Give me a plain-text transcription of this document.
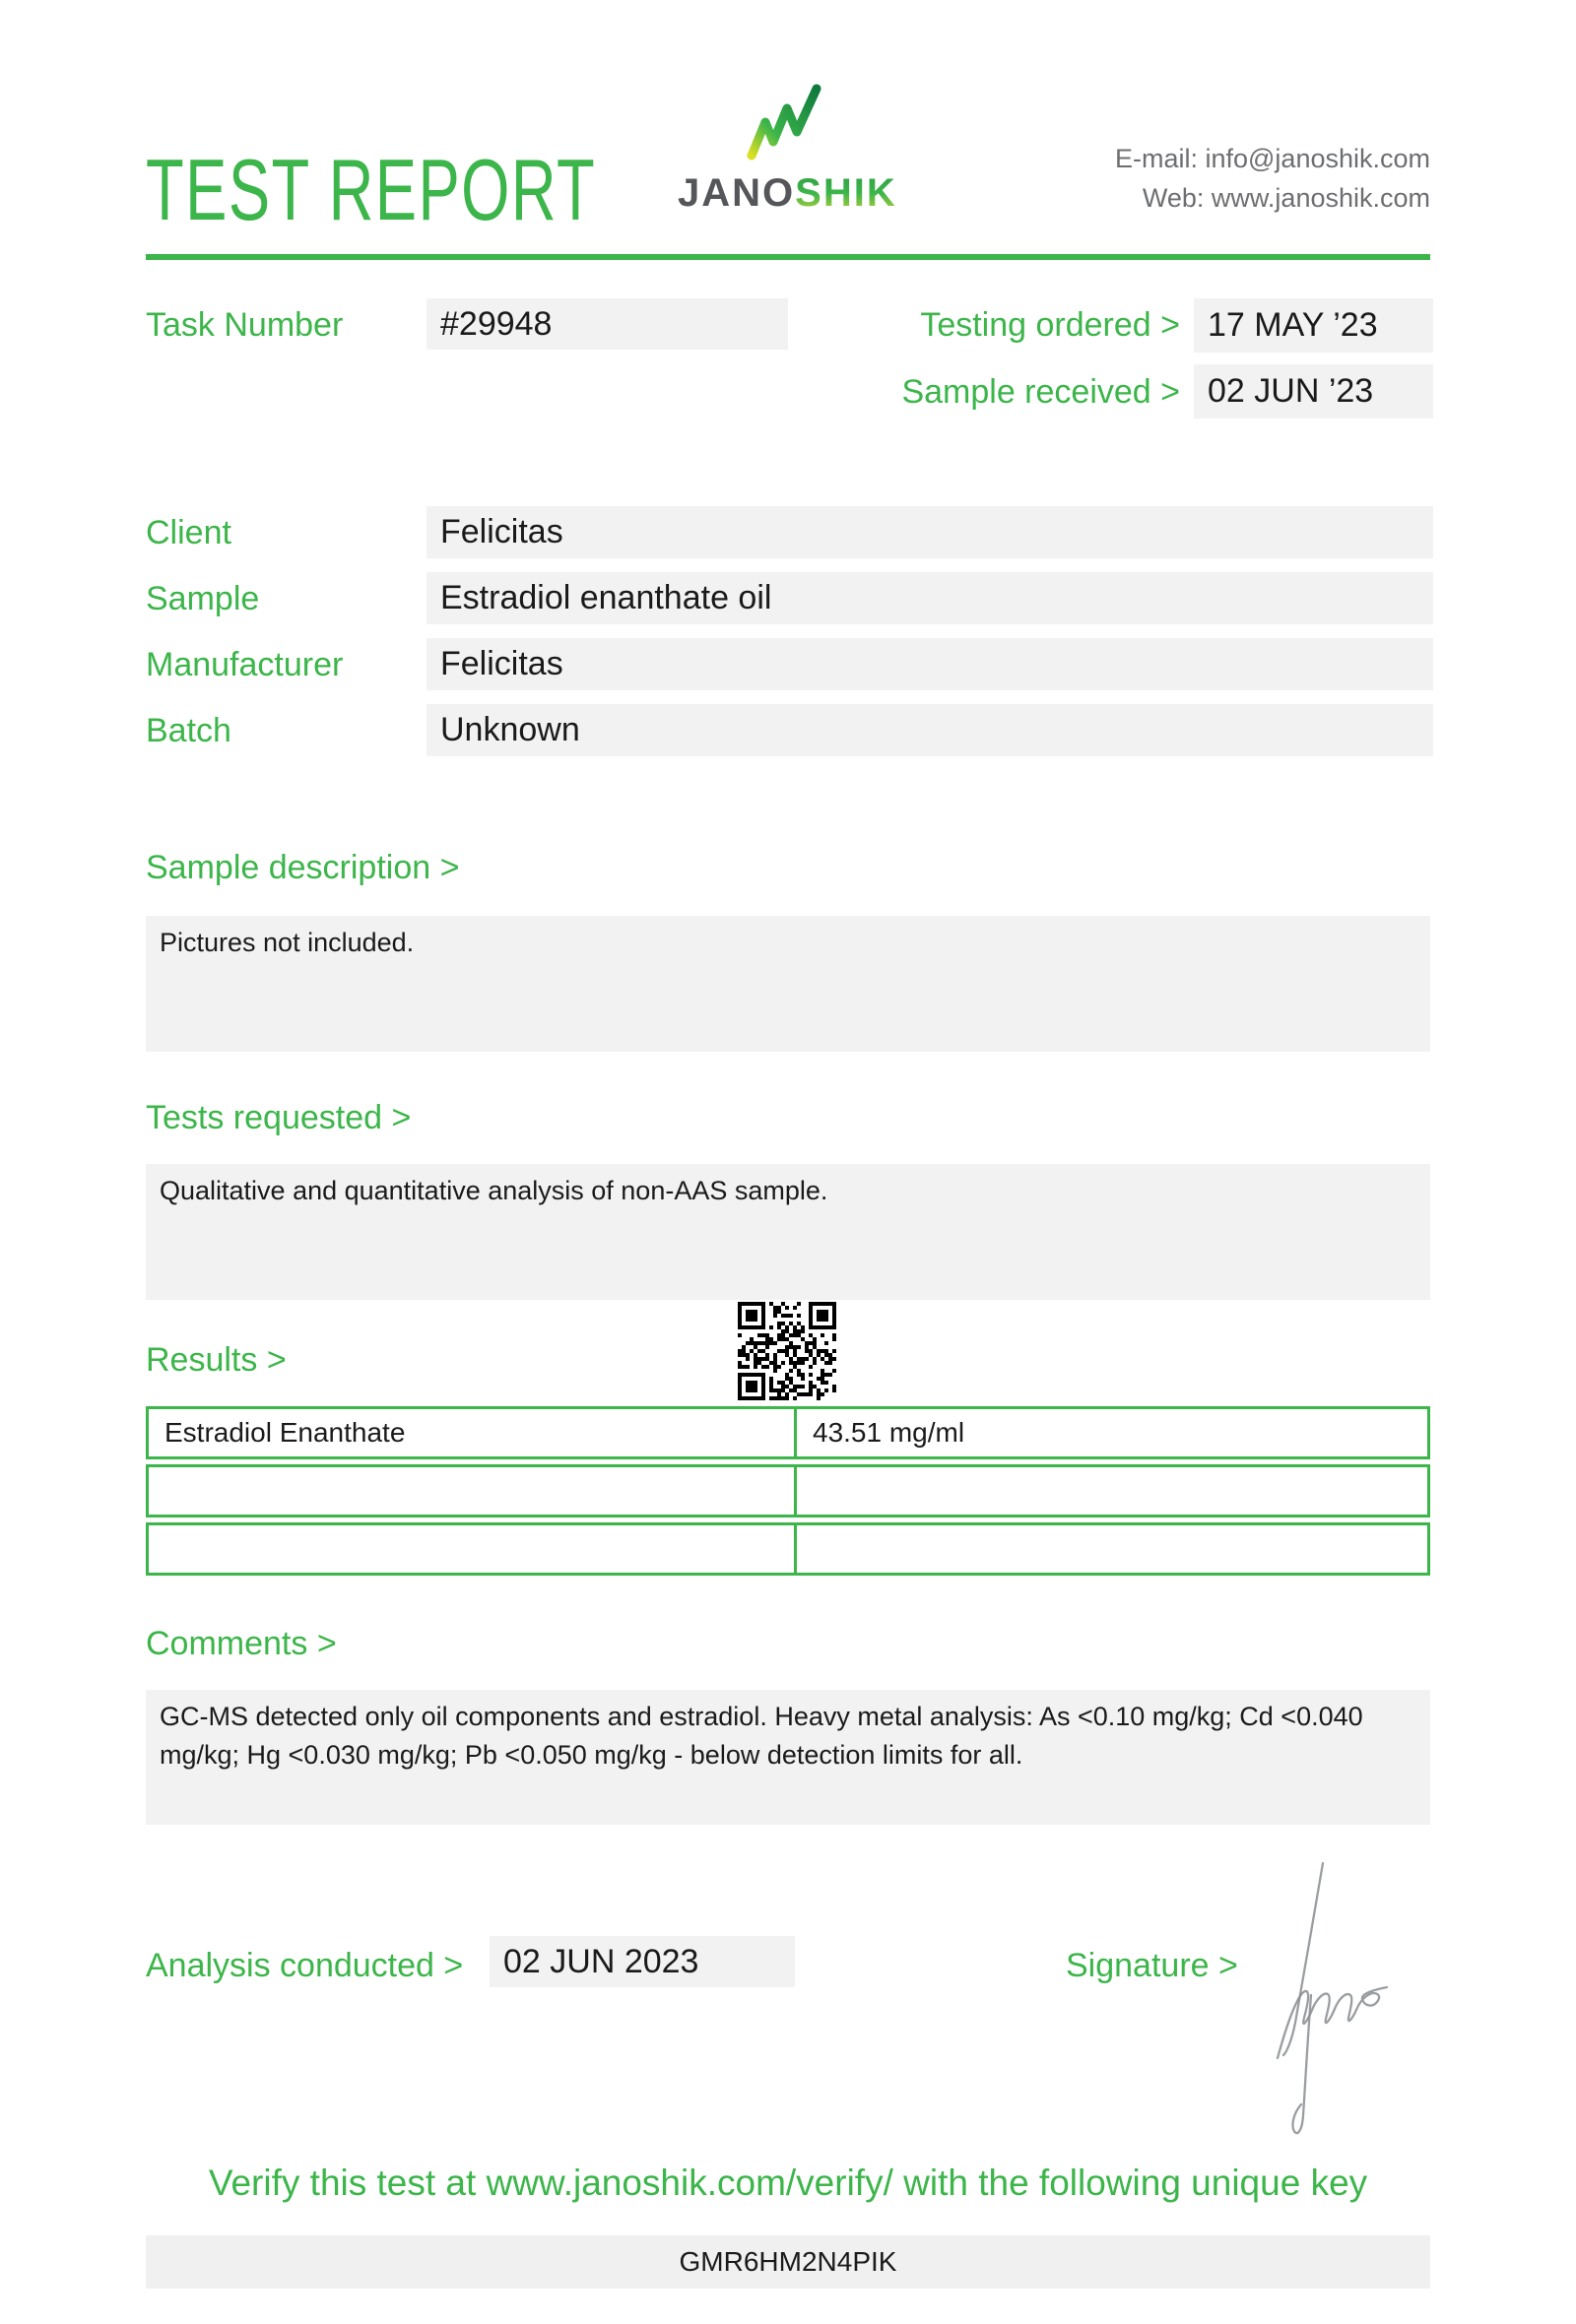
TEST REPORT JANOSHIK
E-mail: info@janoshik.com
Web: www.janoshik.com
Task Number	#29948	Testing ordered > 17 MAY ’23
Sample received > 02 JUN ’23
Client	Felicitas
Sample	Estradiol enanthate oil
Manufacturer	Felicitas
Batch	Unknown
Sample description >
Pictures not included.
Tests requested >
Qualitative and quantitative analysis of non-AAS sample.
Results >
Estradiol Enanthate	43.51 mg/ml
Comments >
GC-MS detected only oil components and estradiol. Heavy metal analysis: As <0.10 mg/kg; Cd <0.040 mg/kg; Hg <0.030 mg/kg; Pb <0.050 mg/kg - below detection limits for all.
Analysis conducted >	02 JUN 2023	Signature >
Verify this test at www.janoshik.com/verify/ with the following unique key
GMR6HM2N4PIK
